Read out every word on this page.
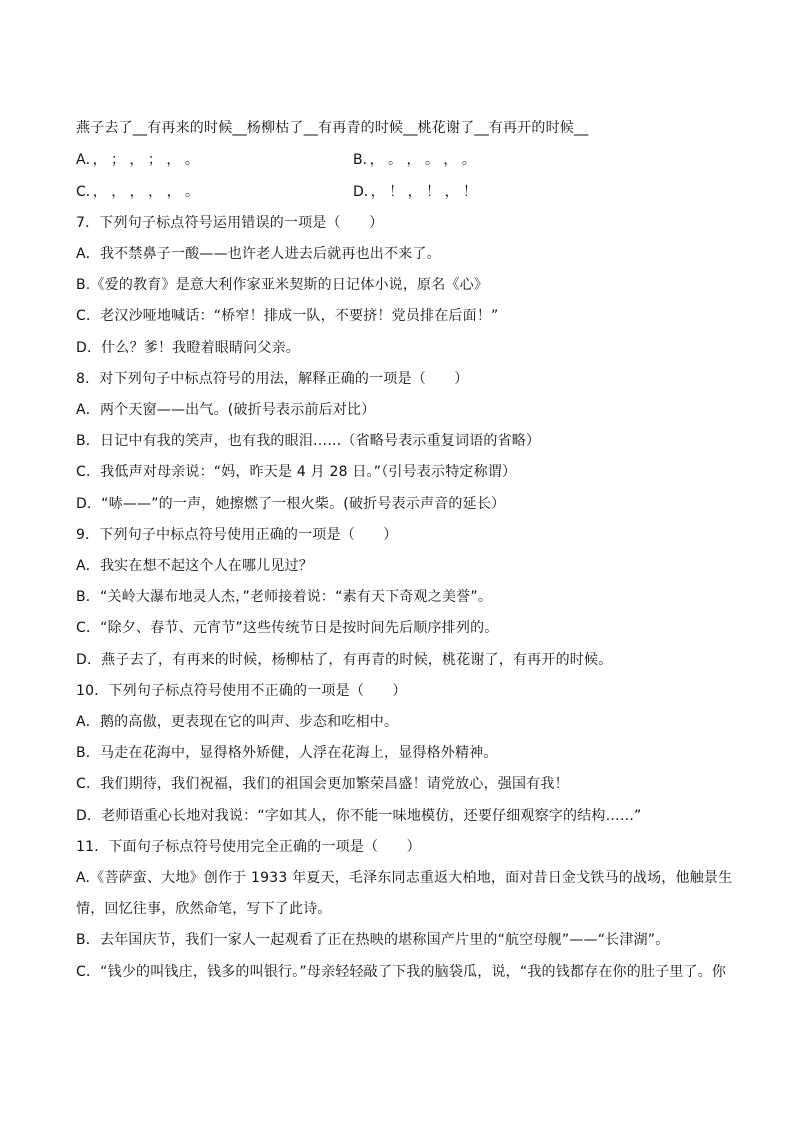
燕子去了__有再来的时候__杨柳枯了__有再青的时候__桃花谢了__有再开的时候__
A．， ； ， ； ， 。	B．， 。 ， 。 ， 。
C．， ， ， ， ， 。	D．， ！ ， ！ ， ！
7．下列句子标点符号运用错误的一项是（　　）
A．我不禁鼻子一酸——也许老人进去后就再也出不来了。
B.《爱的教育》是意大利作家亚米契斯的日记体小说，原名《心》
C．老汉沙哑地喊话：“桥窄！排成一队，不要挤！党员排在后面！”
D．什么？爹！我瞪着眼睛问父亲。
8．对下列句子中标点符号的用法，解释正确的一项是（　　）
A．两个天窗——出气。(破折号表示前后对比）
B．日记中有我的笑声，也有我的眼泪……（省略号表示重复词语的省略）
C．我低声对母亲说：“妈，昨天是 4 月 28 日。”（引号表示特定称谓）
D．“哧——”的一声，她擦燃了一根火柴。(破折号表示声音的延长）
9．下列句子中标点符号使用正确的一项是（　　）
A．我实在想不起这个人在哪儿见过？
B．“关岭大瀑布地灵人杰，”老师接着说：“素有天下奇观之美誉”。
C．“除夕、春节、元宵节”这些传统节日是按时间先后顺序排列的。
D．燕子去了，有再来的时候，杨柳枯了，有再青的时候，桃花谢了，有再开的时候。
10．下列句子标点符号使用不正确的一项是（　　）
A．鹅的高傲，更表现在它的叫声、步态和吃相中。
B．马走在花海中，显得格外矫健，人浮在花海上，显得格外精神。
C．我们期待，我们祝福，我们的祖国会更加繁荣昌盛！请党放心，强国有我！
D．老师语重心长地对我说：“字如其人，你不能一味地模仿，还要仔细观察字的结构……”
11．下面句子标点符号使用完全正确的一项是（　　）
A.《菩萨蛮、大地》创作于 1933 年夏天，毛泽东同志重返大柏地，面对昔日金戈铁马的战场，他触景生
情，回忆往事，欣然命笔，写下了此诗。
B．去年国庆节，我们一家人一起观看了正在热映的堪称国产片里的“航空母舰”——“长津湖”。
C．“钱少的叫钱庄，钱多的叫银行。”母亲轻轻敲了下我的脑袋瓜，说，“我的钱都存在你的肚子里了。你
